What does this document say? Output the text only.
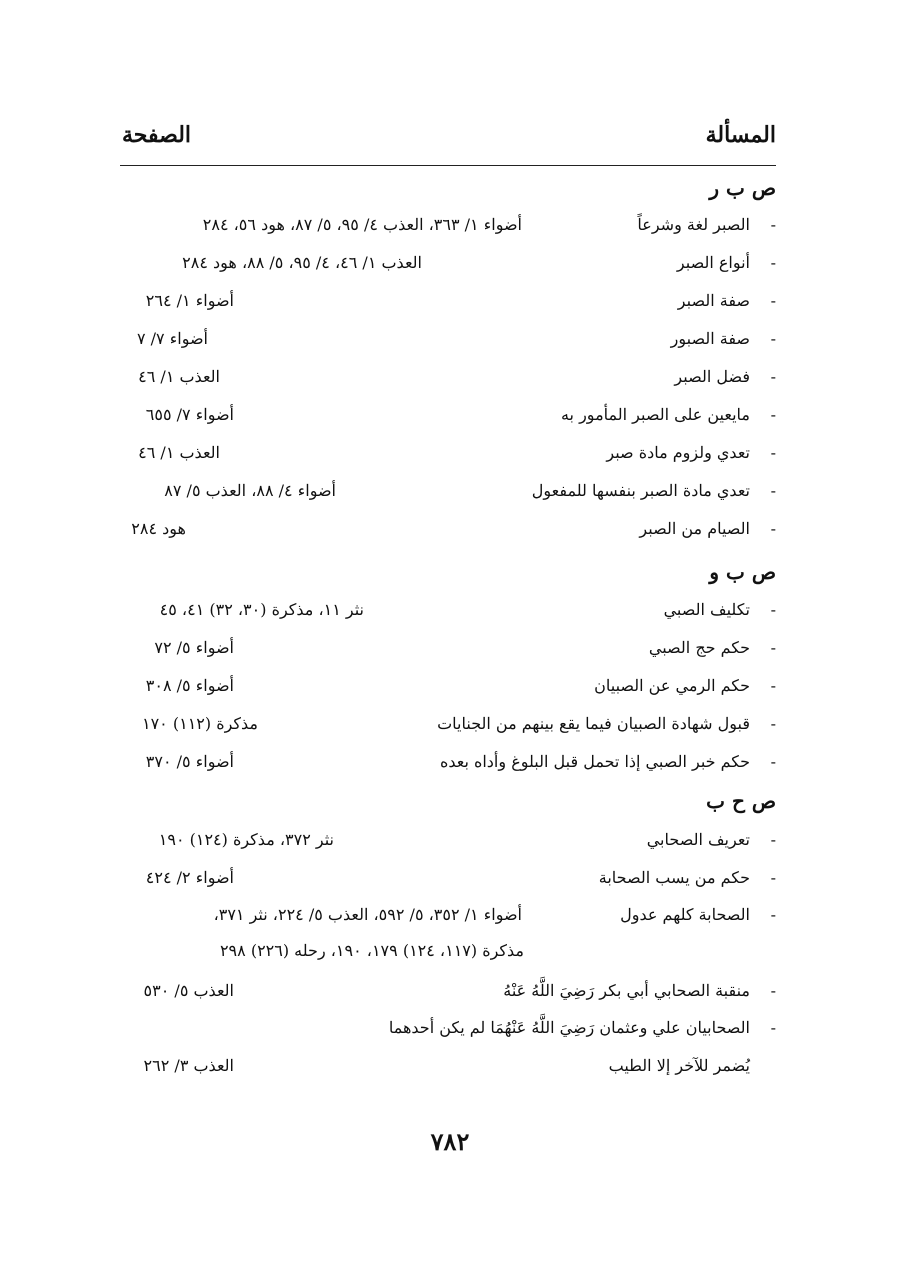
المسألة
الصفحة
ص ب ر
-
الصبر لغة وشرعاً
أضواء ١/ ٣٦٣، العذب ٤/ ٩٥، ٥/ ٨٧، هود ٥٦، ٢٨٤
-
أنواع الصبر
العذب ١/ ٤٦، ٤/ ٩٥، ٥/ ٨٨، هود ٢٨٤
-
صفة الصبر
أضواء ١/ ٢٦٤
-
صفة الصبور
أضواء ٧/ ٧
-
فضل الصبر
العذب ١/ ٤٦
-
مايعين على الصبر المأمور به
أضواء ٧/ ٦٥٥
-
تعدي ولزوم مادة صبر
العذب ١/ ٤٦
-
تعدي مادة الصبر بنفسها للمفعول
أضواء ٤/ ٨٨، العذب ٥/ ٨٧
-
الصيام من الصبر
هود ٢٨٤
ص ب و
-
تكليف الصبي
نثر ١١، مذكرة (٣٠، ٣٢) ٤١، ٤٥
-
حكم حج الصبي
أضواء ٥/ ٧٢
-
حكم الرمي عن الصبيان
أضواء ٥/ ٣٠٨
-
قبول شهادة الصبيان فيما يقع بينهم من الجنايات
مذكرة (١١٢) ١٧٠
-
حكم خبر الصبي إذا تحمل قبل البلوغ وأداه بعده
أضواء ٥/ ٣٧٠
ص ح ب
-
تعريف الصحابي
نثر ٣٧٢، مذكرة (١٢٤) ١٩٠
-
حكم من يسب الصحابة
أضواء ٢/ ٤٢٤
-
الصحابة كلهم عدول
أضواء ١/ ٣٥٢، ٥/ ٥٩٢، العذب ٥/ ٢٢٤، نثر ٣٧١،
مذكرة (١١٧، ١٢٤) ١٧٩، ١٩٠، رحله (٢٢٦) ٢٩٨
-
منقبة الصحابي أبي بكر رَضِيَ اللَّهُ عَنْهُ
العذب ٥/ ٥٣٠
-
الصحابيان علي وعثمان رَضِيَ اللَّهُ عَنْهُمَا لم يكن أحدهما
يُضمر للآخر إلا الطيب
العذب ٣/ ٢٦٢
٧٨٢
